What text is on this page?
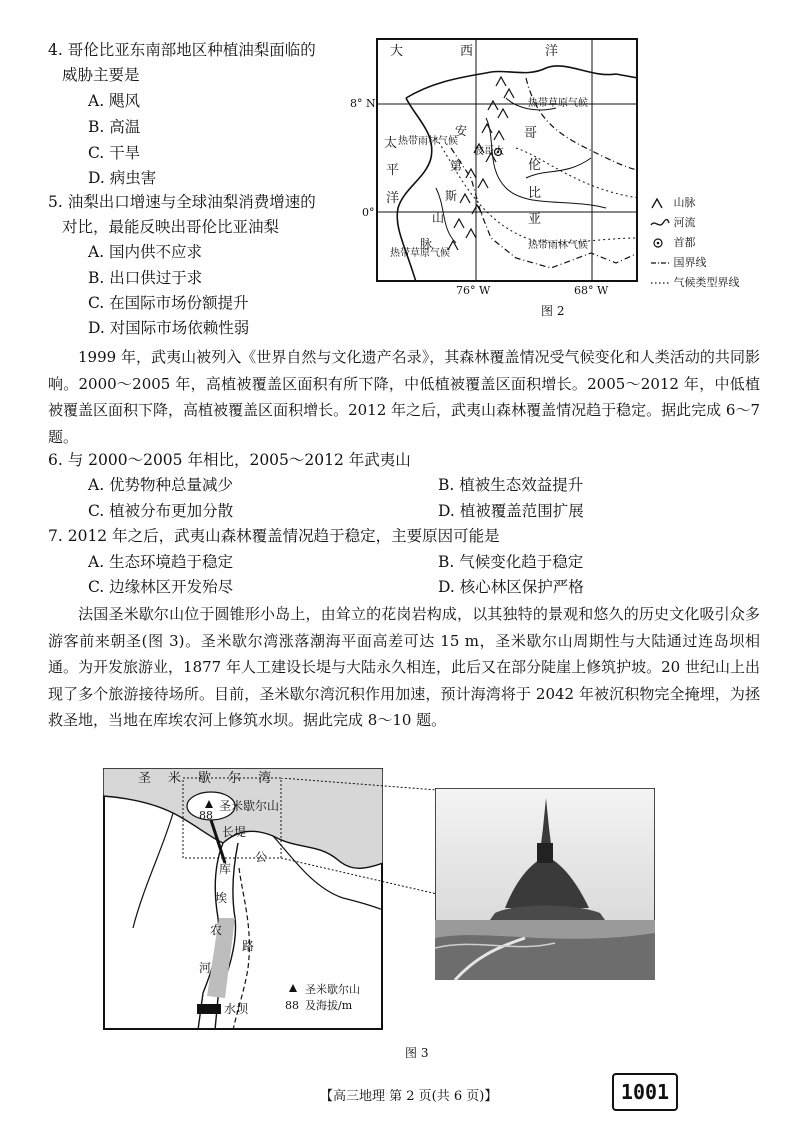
4. 哥伦比亚东南部地区种植油梨面临的
威胁主要是
A. 飓风
B. 高温
C. 干旱
D. 病虫害
5. 油梨出口增速与全球油梨消费增速的
对比，最能反映出哥伦比亚油梨
A. 国内供不应求
B. 出口供过于求
C. 在国际市场份额提升
D. 对国际市场依赖性弱
大	西	洋
太
平
洋
8° N
0°
76° W	68° W
热带草原气候
热带雨林气候
热带草原气候
热带雨林气候
安
第
斯
山
脉
哥
伦
比
亚
波哥大
山脉
河流
首都
国界线
气候类型界线
图 2
1999 年，武夷山被列入《世界自然与文化遗产名录》，其森林覆盖情况受气候变化和人类活动的共同影响。2000～2005 年，高植被覆盖区面积有所下降，中低植被覆盖区面积增长。2005～2012 年，中低植被覆盖区面积下降，高植被覆盖区面积增长。2012 年之后，武夷山森林覆盖情况趋于稳定。据此完成 6～7 题。
6. 与 2000～2005 年相比，2005～2012 年武夷山
A. 优势物种总量减少	B. 植被生态效益提升
C. 植被分布更加分散	D. 植被覆盖范围扩展
7. 2012 年之后，武夷山森林覆盖情况趋于稳定，主要原因可能是
A. 生态环境趋于稳定	B. 气候变化趋于稳定
C. 边缘林区开发殆尽	D. 核心林区保护严格
法国圣米歇尔山位于圆锥形小岛上，由耸立的花岗岩构成，以其独特的景观和悠久的历史文化吸引众多游客前来朝圣(图 3)。圣米歇尔湾涨落潮海平面高差可达 15 m，圣米歇尔山周期性与大陆通过连岛坝相通。为开发旅游业，1877 年人工建设长堤与大陆永久相连，此后又在部分陡崖上修筑护坡。20 世纪山上出现了多个旅游接待场所。目前，圣米歇尔湾沉积作用加速，预计海湾将于 2042 年被沉积物完全掩埋，为拯救圣地，当地在库埃农河上修筑水坝。据此完成 8～10 题。
圣 米 歇 尔 湾
圣米歇尔山
88
长堤
库
埃
农
河
公
路
水坝
圣米歇尔山
及海拔/m
88
图 3
【高三地理 第 2 页(共 6 页)】	1001
